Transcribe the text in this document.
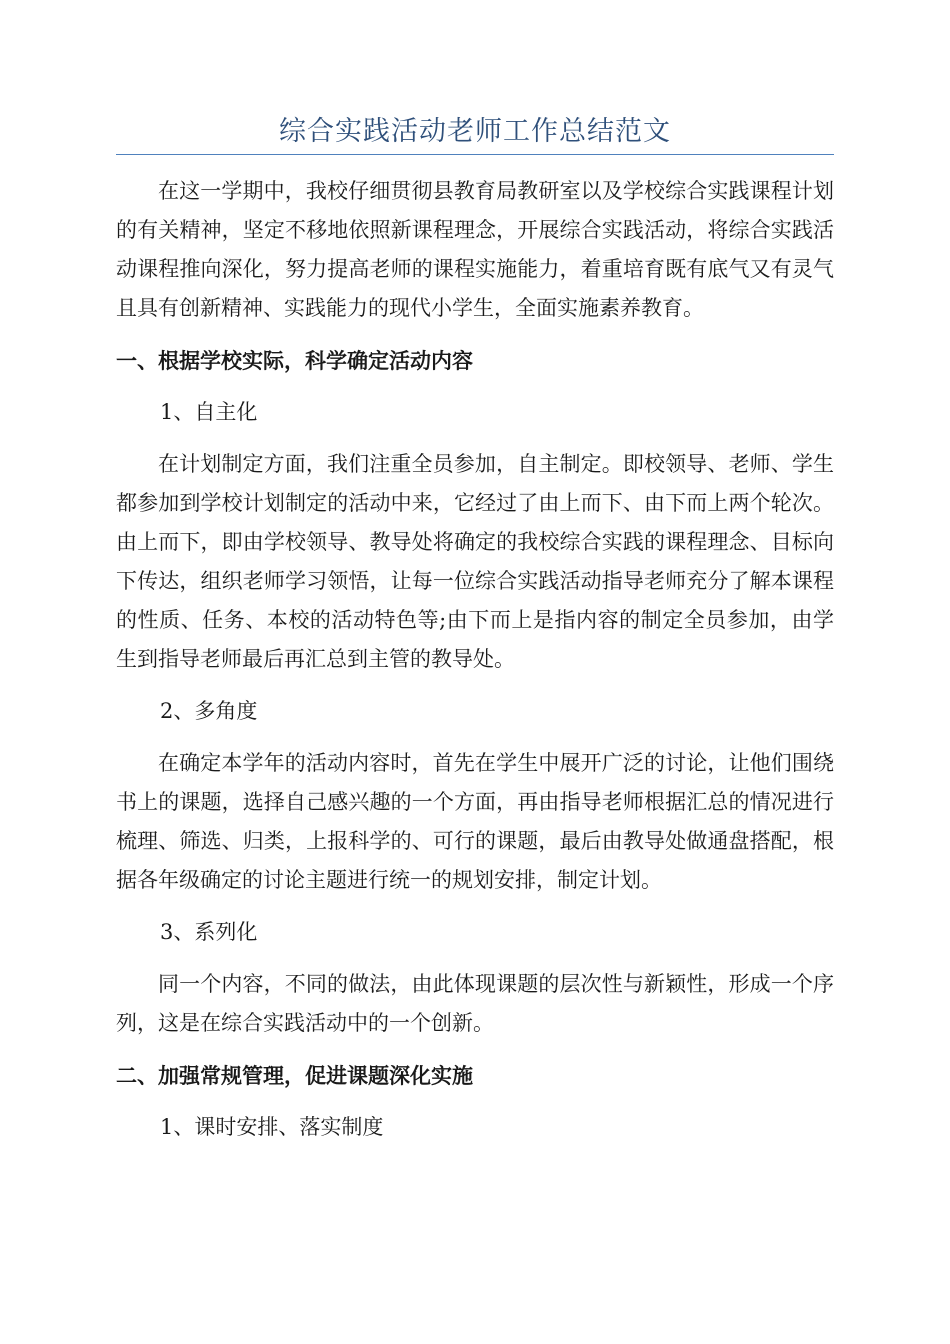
综合实践活动老师工作总结范文

在这一学期中，我校仔细贯彻县教育局教研室以及学校综合实践课程计划的有关精神，坚定不移地依照新课程理念，开展综合实践活动，将综合实践活动课程推向深化，努力提高老师的课程实施能力，着重培育既有底气又有灵气且具有创新精神、实践能力的现代小学生，全面实施素养教育。

一、根据学校实际，科学确定活动内容

1、自主化

在计划制定方面，我们注重全员参加，自主制定。即校领导、老师、学生都参加到学校计划制定的活动中来，它经过了由上而下、由下而上两个轮次。由上而下，即由学校领导、教导处将确定的我校综合实践的课程理念、目标向下传达，组织老师学习领悟，让每一位综合实践活动指导老师充分了解本课程的性质、任务、本校的活动特色等;由下而上是指内容的制定全员参加，由学生到指导老师最后再汇总到主管的教导处。

2、多角度

在确定本学年的活动内容时，首先在学生中展开广泛的讨论，让他们围绕书上的课题，选择自己感兴趣的一个方面，再由指导老师根据汇总的情况进行梳理、筛选、归类，上报科学的、可行的课题，最后由教导处做通盘搭配，根据各年级确定的讨论主题进行统一的规划安排，制定计划。

3、系列化

同一个内容，不同的做法，由此体现课题的层次性与新颖性，形成一个序列，这是在综合实践活动中的一个创新。

二、加强常规管理，促进课题深化实施

1、课时安排、落实制度
